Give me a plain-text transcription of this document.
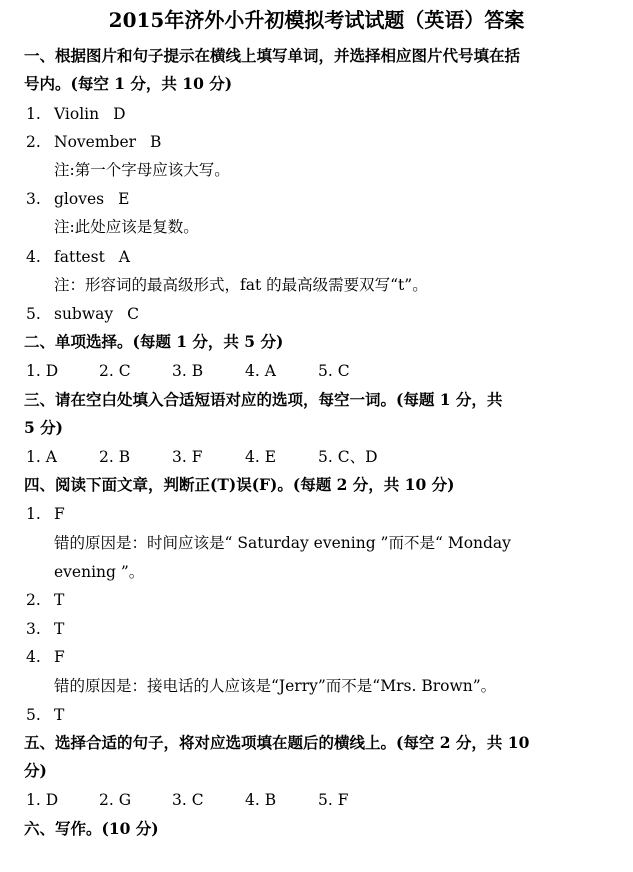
2015年济外小升初模拟考试试题（英语）答案
一、根据图片和句子提示在横线上填写单词，并选择相应图片代号填在括
号内。(每空 1 分，共 10 分)
1. Violin D
2. November B
注:第一个字母应该大写。
3. gloves E
注:此处应该是复数。
4. fattest A
注：形容词的最高级形式，fat 的最高级需要双写“t”。
5. subway C
二、单项选择。(每题 1 分，共 5 分)
1. D	2. C	3. B	4. A	5. C
三、请在空白处填入合适短语对应的选项，每空一词。(每题 1 分，共
5 分)
1. A	2. B	3. F	4. E	5. C、D
四、阅读下面文章，判断正(T)误(F)。(每题 2 分，共 10 分)
1. F
错的原因是：时间应该是“ Saturday evening ”而不是“ Monday
evening ”。
2. T
3. T
4. F
错的原因是：接电话的人应该是“Jerry”而不是“Mrs. Brown”。
5. T
五、选择合适的句子，将对应选项填在题后的横线上。(每空 2 分，共 10
分)
1. D	2. G	3. C	4. B	5. F
六、写作。(10 分)
